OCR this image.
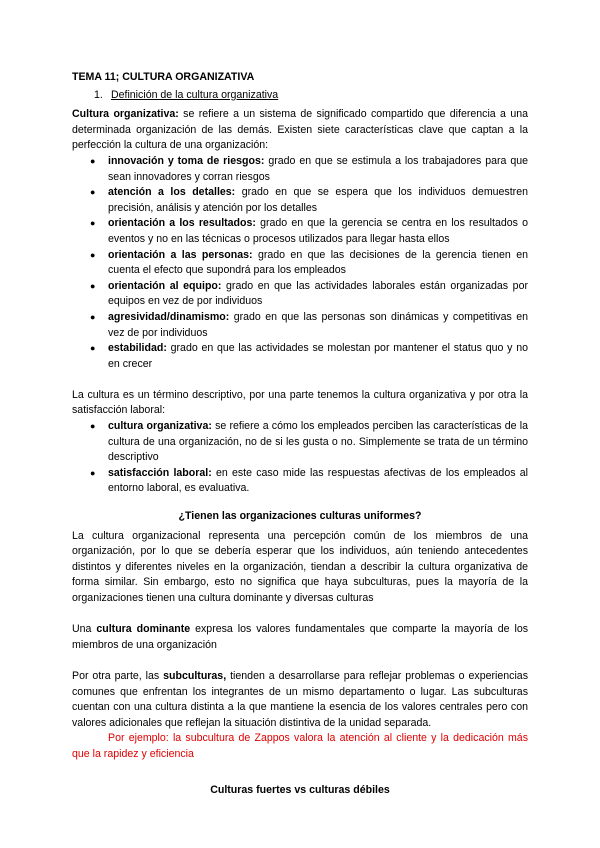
TEMA 11; CULTURA ORGANIZATIVA
1. Definición de la cultura organizativa

Cultura organizativa: se refiere a un sistema de significado compartido que diferencia a una determinada organización de las demás. Existen siete características clave que captan a la perfección la cultura de una organización:

● innovación y toma de riesgos: grado en que se estimula a los trabajadores para que sean innovadores y corran riesgos
● atención a los detalles: grado en que se espera que los individuos demuestren precisión, análisis y atención por los detalles
● orientación a los resultados: grado en que la gerencia se centra en los resultados o eventos y no en las técnicas o procesos utilizados para llegar hasta ellos
● orientación a las personas: grado en que las decisiones de la gerencia tienen en cuenta el efecto que supondrá para los empleados
● orientación al equipo: grado en que las actividades laborales están organizadas por equipos en vez de por individuos
● agresividad/dinamismo: grado en que las personas son dinámicas y competitivas en vez de por individuos
● estabilidad: grado en que las actividades se molestan por mantener el status quo y no en crecer

La cultura es un término descriptivo, por una parte tenemos la cultura organizativa y por otra la satisfacción laboral:

● cultura organizativa: se refiere a cómo los empleados perciben las características de la cultura de una organización, no de si les gusta o no. Simplemente se trata de un término descriptivo
● satisfacción laboral: en este caso mide las respuestas afectivas de los empleados al entorno laboral, es evaluativa.
¿Tienen las organizaciones culturas uniformes?

La cultura organizacional representa una percepción común de los miembros de una organización, por lo que se debería esperar que los individuos, aún teniendo antecedentes distintos y diferentes niveles en la organización, tiendan a describir la cultura organizativa de forma similar. Sin embargo, esto no significa que haya subculturas, pues la mayoría de la organizaciones tienen una cultura dominante y diversas culturas

Una cultura dominante expresa los valores fundamentales que comparte la mayoría de los miembros de una organización

Por otra parte, las subculturas, tienden a desarrollarse para reflejar problemas o experiencias comunes que enfrentan los integrantes de un mismo departamento o lugar. Las subculturas cuentan con una cultura distinta a la que mantiene la esencia de los valores centrales pero con valores adicionales que reflejan la situación distintiva de la unidad separada.

Por ejemplo: la subcultura de Zappos valora la atención al cliente y la dedicación más que la rapidez y eficiencia

Culturas fuertes vs culturas débiles
